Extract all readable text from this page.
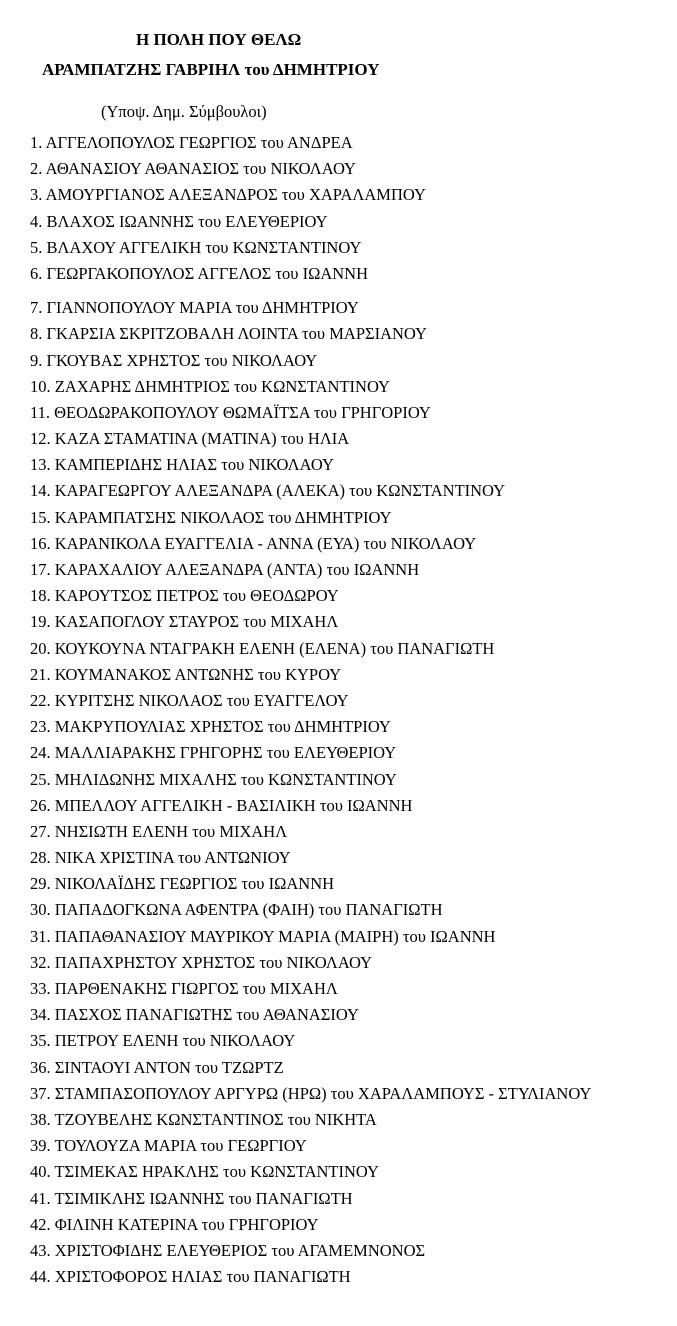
Η ΠΟΛΗ ΠΟΥ ΘΕΛΩ
ΑΡΑΜΠΑΤΖΗΣ ΓΑΒΡΙΗΛ του ΔΗΜΗΤΡΙΟΥ
(Υποψ. Δημ. Σύμβουλοι)
1. ΑΓΓΕΛΟΠΟΥΛΟΣ ΓΕΩΡΓΙΟΣ του ΑΝΔΡΕΑ
2. ΑΘΑΝΑΣΙΟΥ ΑΘΑΝΑΣΙΟΣ του ΝΙΚΟΛΑΟΥ
3. ΑΜΟΥΡΓΙΑΝΟΣ ΑΛΕΞΑΝΔΡΟΣ του ΧΑΡΑΛΑΜΠΟΥ
4. ΒΛΑΧΟΣ ΙΩΑΝΝΗΣ του ΕΛΕΥΘΕΡΙΟΥ
5. ΒΛΑΧΟΥ ΑΓΓΕΛΙΚΗ του ΚΩΝΣΤΑΝΤΙΝΟΥ
6. ΓΕΩΡΓΑΚΟΠΟΥΛΟΣ ΑΓΓΕΛΟΣ του ΙΩΑΝΝΗ
7. ΓΙΑΝΝΟΠΟΥΛΟΥ ΜΑΡΙΑ του ΔΗΜΗΤΡΙΟΥ
8. ΓΚΑΡΣΙΑ ΣΚΡΙΤΖΟΒΑΛΗ ΛΟΙΝΤΑ του ΜΑΡΣΙΑΝΟΥ
9. ΓΚΟΥΒΑΣ ΧΡΗΣΤΟΣ του ΝΙΚΟΛΑΟΥ
10. ΖΑΧΑΡΗΣ ΔΗΜΗΤΡΙΟΣ του ΚΩΝΣΤΑΝΤΙΝΟΥ
11. ΘΕΟΔΩΡΑΚΟΠΟΥΛΟΥ ΘΩΜΑΪΤΣΑ του ΓΡΗΓΟΡΙΟΥ
12. ΚΑΖΑ ΣΤΑΜΑΤΙΝΑ (ΜΑΤΙΝΑ) του ΗΛΙΑ
13. ΚΑΜΠΕΡΙΔΗΣ ΗΛΙΑΣ του ΝΙΚΟΛΑΟΥ
14. ΚΑΡΑΓΕΩΡΓΟΥ ΑΛΕΞΑΝΔΡΑ (ΑΛΕΚΑ) του ΚΩΝΣΤΑΝΤΙΝΟΥ
15. ΚΑΡΑΜΠΑΤΣΗΣ ΝΙΚΟΛΑΟΣ του ΔΗΜΗΤΡΙΟΥ
16. ΚΑΡΑΝΙΚΟΛΑ ΕΥΑΓΓΕΛΙΑ - ΑΝΝΑ (ΕΥΑ) του ΝΙΚΟΛΑΟΥ
17. ΚΑΡΑΧΑΛΙΟΥ ΑΛΕΞΑΝΔΡΑ (ΑΝΤΑ) του ΙΩΑΝΝΗ
18. ΚΑΡΟΥΤΣΟΣ ΠΕΤΡΟΣ του ΘΕΟΔΩΡΟΥ
19. ΚΑΣΑΠΟΓΛΟΥ ΣΤΑΥΡΟΣ του ΜΙΧΑΗΛ
20. ΚΟΥΚΟΥΝΑ ΝΤΑΓΡΑΚΗ ΕΛΕΝΗ (ΕΛΕΝΑ) του ΠΑΝΑΓΙΩΤΗ
21. ΚΟΥΜΑΝΑΚΟΣ ΑΝΤΩΝΗΣ του ΚΥΡΟΥ
22. ΚΥΡΙΤΣΗΣ ΝΙΚΟΛΑΟΣ του ΕΥΑΓΓΕΛΟΥ
23. ΜΑΚΡΥΠΟΥΛΙΑΣ ΧΡΗΣΤΟΣ του ΔΗΜΗΤΡΙΟΥ
24. ΜΑΛΛΙΑΡΑΚΗΣ ΓΡΗΓΟΡΗΣ του ΕΛΕΥΘΕΡΙΟΥ
25. ΜΗΛΙΔΩΝΗΣ ΜΙΧΑΛΗΣ του ΚΩΝΣΤΑΝΤΙΝΟΥ
26. ΜΠΕΛΛΟΥ ΑΓΓΕΛΙΚΗ - ΒΑΣΙΛΙΚΗ του ΙΩΑΝΝΗ
27. ΝΗΣΙΩΤΗ ΕΛΕΝΗ του ΜΙΧΑΗΛ
28. ΝΙΚΑ ΧΡΙΣΤΙΝΑ του ΑΝΤΩΝΙΟΥ
29. ΝΙΚΟΛΑΪΔΗΣ ΓΕΩΡΓΙΟΣ του ΙΩΑΝΝΗ
30. ΠΑΠΑΔΟΓΚΩΝΑ ΑΦΕΝΤΡΑ (ΦΑΙΗ) του ΠΑΝΑΓΙΩΤΗ
31. ΠΑΠΑΘΑΝΑΣΙΟΥ ΜΑΥΡΙΚΟΥ ΜΑΡΙΑ (ΜΑΙΡΗ) του ΙΩΑΝΝΗ
32. ΠΑΠΑΧΡΗΣΤΟΥ ΧΡΗΣΤΟΣ του ΝΙΚΟΛΑΟΥ
33. ΠΑΡΘΕΝΑΚΗΣ ΓΙΩΡΓΟΣ του ΜΙΧΑΗΛ
34. ΠΑΣΧΟΣ ΠΑΝΑΓΙΩΤΗΣ του ΑΘΑΝΑΣΙΟΥ
35. ΠΕΤΡΟΥ ΕΛΕΝΗ του ΝΙΚΟΛΑΟΥ
36. ΣΙΝΤΑΟΥΙ ΑΝΤΟΝ του ΤΖΩΡΤΖ
37. ΣΤΑΜΠΑΣΟΠΟΥΛΟΥ ΑΡΓΥΡΩ (ΗΡΩ) του ΧΑΡΑΛΑΜΠΟΥΣ - ΣΤΥΛΙΑΝΟΥ
38. ΤΖΟΥΒΕΛΗΣ ΚΩΝΣΤΑΝΤΙΝΟΣ του ΝΙΚΗΤΑ
39. ΤΟΥΛΟΥΖΑ ΜΑΡΙΑ του ΓΕΩΡΓΙΟΥ
40. ΤΣΙΜΕΚΑΣ ΗΡΑΚΛΗΣ του ΚΩΝΣΤΑΝΤΙΝΟΥ
41. ΤΣΙΜΙΚΛΗΣ ΙΩΑΝΝΗΣ του ΠΑΝΑΓΙΩΤΗ
42. ΦΙΛΙΝΗ ΚΑΤΕΡΙΝΑ του ΓΡΗΓΟΡΙΟΥ
43. ΧΡΙΣΤΟΦΙΔΗΣ ΕΛΕΥΘΕΡΙΟΣ του ΑΓΑΜΕΜΝΟΝΟΣ
44. ΧΡΙΣΤΟΦΟΡΟΣ ΗΛΙΑΣ του ΠΑΝΑΓΙΩΤΗ
